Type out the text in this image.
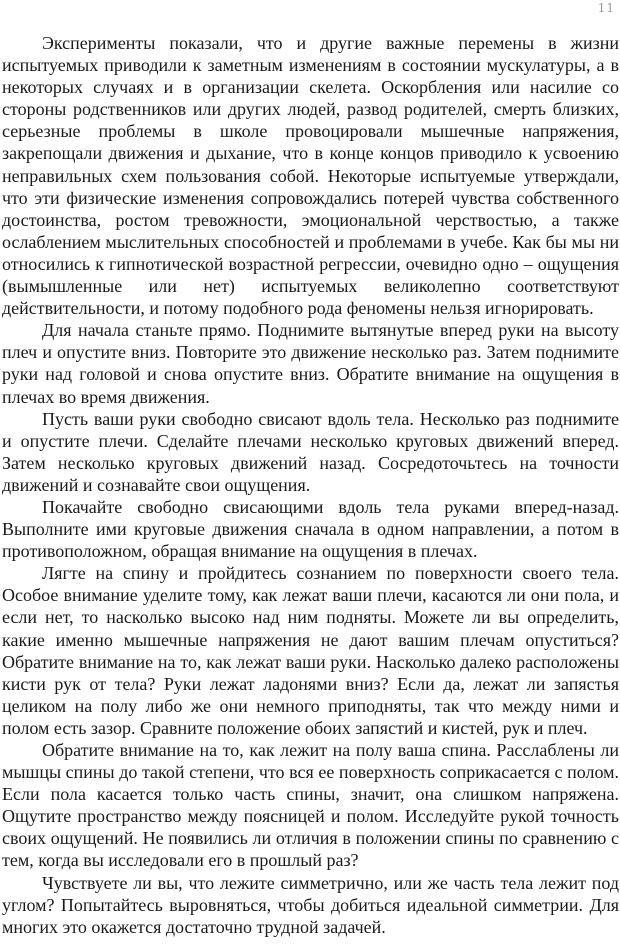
11

Эксперименты показали, что и другие важные перемены в жизни испытуемых приводили к заметным изменениям в состоянии мускулатуры, а в некоторых случаях и в организации скелета. Оскорбления или насилие со стороны родственников или других людей, развод родителей, смерть близких, серьезные проблемы в школе провоцировали мышечные напряжения, закрепощали движения и дыхание, что в конце концов приводило к усвоению неправильных схем пользования собой. Некоторые испытуемые утверждали, что эти физические изменения сопровождались потерей чувства собственного достоинства, ростом тревожности, эмоциональной черствостью, а также ослаблением мыслительных способностей и проблемами в учебе. Как бы мы ни относились к гипнотической возрастной регрессии, очевидно одно – ощущения (вымышленные или нет) испытуемых великолепно соответствуют действительности, и потому подобного рода феномены нельзя игнорировать.

Для начала станьте прямо. Поднимите вытянутые вперед руки на высоту плеч и опустите вниз. Повторите это движение несколько раз. Затем поднимите руки над головой и снова опустите вниз. Обратите внимание на ощущения в плечах во время движения.

Пусть ваши руки свободно свисают вдоль тела. Несколько раз поднимите и опустите плечи. Сделайте плечами несколько круговых движений вперед. Затем несколько круговых движений назад. Сосредоточьтесь на точности движений и сознавайте свои ощущения.

Покачайте свободно свисающими вдоль тела руками вперед-назад. Выполните ими круговые движения сначала в одном направлении, а потом в противоположном, обращая внимание на ощущения в плечах.

Лягте на спину и пройдитесь сознанием по поверхности своего тела. Особое внимание уделите тому, как лежат ваши плечи, касаются ли они пола, и если нет, то насколько высоко над ним подняты. Можете ли вы определить, какие именно мышечные напряжения не дают вашим плечам опуститься? Обратите внимание на то, как лежат ваши руки. Насколько далеко расположены кисти рук от тела? Руки лежат ладонями вниз? Если да, лежат ли запястья целиком на полу либо же они немного приподняты, так что между ними и полом есть зазор. Сравните положение обоих запястий и кистей, рук и плеч.

Обратите внимание на то, как лежит на полу ваша спина. Расслаблены ли мышцы спины до такой степени, что вся ее поверхность соприкасается с полом. Если пола касается только часть спины, значит, она слишком напряжена. Ощутите пространство между поясницей и полом. Исследуйте рукой точность своих ощущений. Не появились ли отличия в положении спины по сравнению с тем, когда вы исследовали его в прошлый раз?

Чувствуете ли вы, что лежите симметрично, или же часть тела лежит под углом? Попытайтесь выровняться, чтобы добиться идеальной симметрии. Для многих это окажется достаточно трудной задачей.
